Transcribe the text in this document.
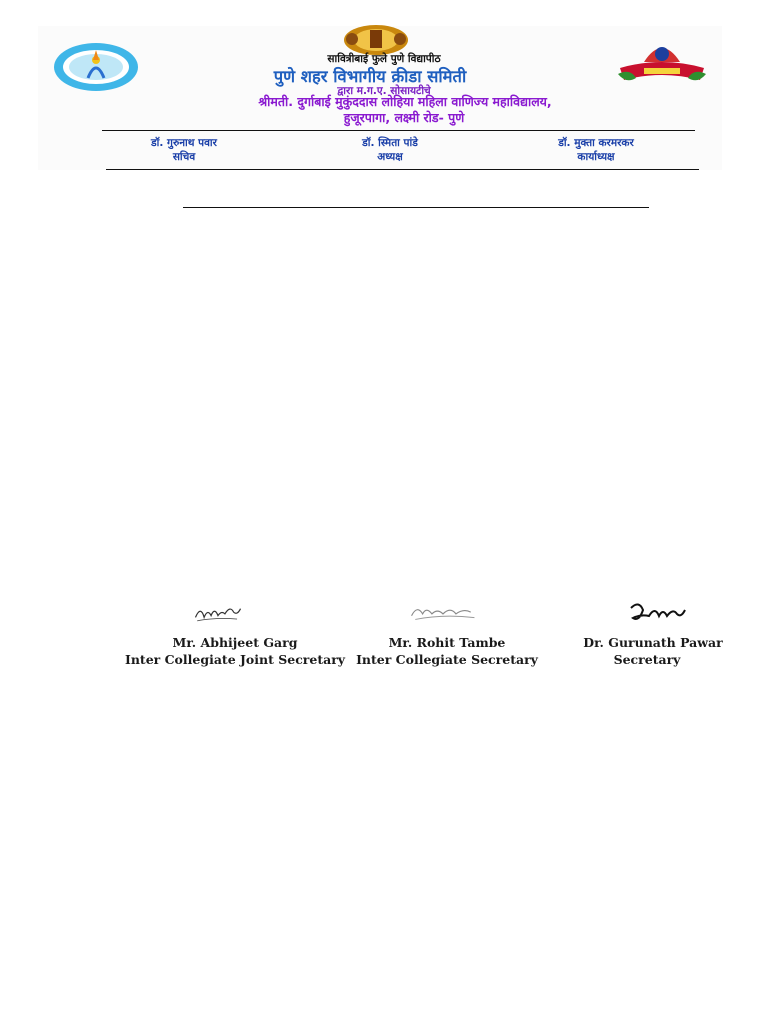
सावित्रीबाई फुले पुणे विद्यापीठ
पुणे शहर विभागीय क्रीडा समिती
द्वारा म.ग.ए. सोसायटीचे
श्रीमती. दुर्गाबाई मुकुंददास लोहिया महिला वाणिज्य महाविद्यालय,
हुजूरपागा, लक्ष्मी रोड- पुणे
डॉ. गुरुनाथ पवार
सचिव
डॉ. स्मिता पांडे
अध्यक्ष
डॉ. मुक्ता करमरकर
कार्याध्यक्ष
Mr. Abhijeet Garg
Inter Collegiate Joint Secretary
Mr. Rohit Tambe
Inter Collegiate Secretary
Dr. Gurunath Pawar
Secretary
